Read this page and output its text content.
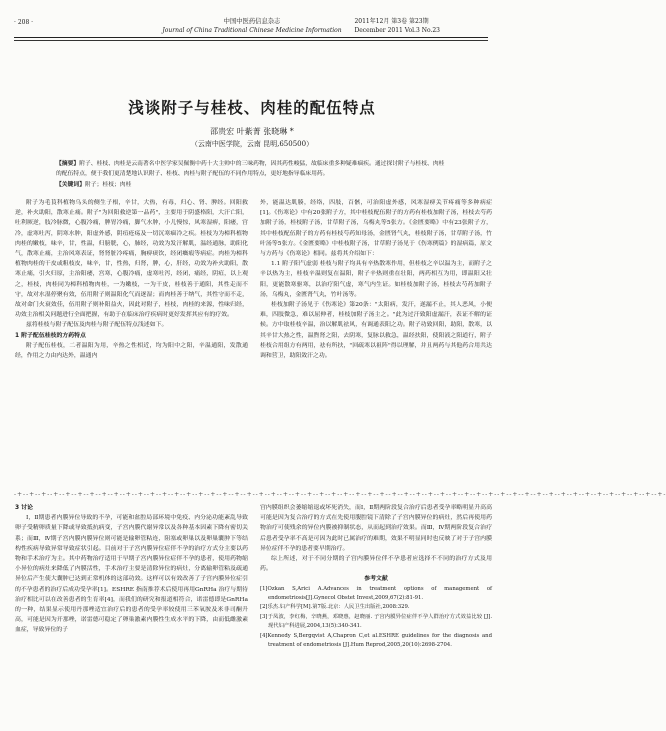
· 208 ·	中国中医药信息杂志
Journal of China Traditional Chinese Medicine Information
2011年12月 第3卷 第23期
December 2011 Vol.3 No.23
浅谈附子与桂枝、肉桂的配伍特点
邵贵宏 叶紫菁 张晓琳 *
（云南中医学院，云南 昆明,650500）
【摘要】附子、桂枝、肉桂是云南著名中医学家吴佩衡中药十大主帅中的三味药物，因其药性峻猛，故临床重多种疑难痼疾。通过探讨附子与桂枝、肉桂的配伍特点，便于我们更清楚地认识附子、桂枝、肉桂与附子配伍的不同作用特点，更好地指导临床用药。
【关键词】附子；桂枝；肉桂

附子为毛茛科植物乌头的侧生子根，辛甘，大热，有毒，归心、肾、脾经。回阳救逆，补火助阳，散寒止痛。附子"为回阳救逆第一品药"，主要用于阴盛格阳，大汗亡阳，吐利厥逆，肢冷脉微，心腹冷痛，脾胃冷痛，脚气水肿，小儿慢惊，风寒湿痹，阳痿，宫冷，虚寒吐泻，阴寒水肿，阳虚外感，阴疽疮疡及一切沉寒痼冷之疾。桂枝为为樟科植物肉桂的嫩枝，味辛，甘，性温，归膀胱，心，肺经，功效为发汗解肌，温经通脉，助阳化气，散寒止痛，主治风寒表证，肾肾脏冷疼痛，胸痹痰饮，经闭癥瘕等病症。肉桂为樟科植物肉桂的干皮或粗枝皮，味辛，甘，性热，归肾，脾，心，肝经，功效为补火助阳，散寒止痛，引火归原，主治阳痿，宫寒，心腹冷痛，虚寒吐泻，经闭，痛经，阴疽，以上观之，桂枝，肉桂同为樟科植物肉桂，一为嫩枝，一为干皮，桂枝善于通阳，其性走而不守，故对水湿停聚有效，伍用附子则温阳化气而逐湿；而肉桂善于纳气，其性守而不走，故对命门火衰效佳，伍用附子则补阳益火，因此对附子，桂枝，肉桂的来源，性味归经，功效主治相关问题进行全面把握，有助于在临床治疗疾病时更好发挥其应有的疗效。

兹将桂枝与附子配伍及肉桂与附子配伍特点浅述如下。

1 附子配伍桂枝的方药特点

附子配伍桂枝，二者温阳为用，辛热之性相近，均为阳中之阳，辛温通阳，发散通经，作用之力由内达外，温通内

外，能温达肌腠，经络，四肢，百骸，可治阳虚外感，风寒湿痹关节疼痛等多种病症[1]。《伤寒论》中有20张附子方，其中桂枝配伍附子的方药有桂枝加附子汤，桂枝去芍药加附子汤，桂枝附子汤，甘草附子汤，乌梅丸等5张方。《金匮要略》中有23张附子方，其中桂枝配伍附子的方药有桂枝芍药知母汤，金匮肾气丸，桂枝附子汤，甘草附子汤，竹叶汤等5张方。《金匮要略》中桂枝附子汤，甘草附子汤见于《伤寒例篇》的湿病篇，原文与方药与《伤寒论》相同。兹将其介绍如下：

1.1 附子阳气虚弱 桂枝与附子均具有辛热散寒作用，但桂枝之辛以温为主，而附子之辛以热为主，桂枝辛温则复在温阳，附子辛热则重在壮阳，两药相互为用，即温阳又壮阳，更能散寒驱寒，以治疗阳气虚，寒气内生证。如桂枝加附子汤，桂枝去芍药加附子汤，乌梅丸，金匮肾气丸，竹叶汤等。

桂枝加附子汤见于《伤寒论》第20条："太阳病，发汗，遂漏不止，其人恶风，小便难，四肢微急，难以屈伸者，桂枝加附子汤主之。"此为过汗致阳虚漏汗，表证不解的证候。方中取桂枝辛温，治以解肌祛风，有调通表阳之功。附子功致回阳，助阳，散寒，以其辛甘大热之性，温煦肾之阳，去阴寒，复脉以救急，温经扶阳，使阳液之阳道行，附子桂枝合用组方有两用，祛有所扶，"回疏寒以祖阵"得以理解，并且两药与其他药合用共达调和营卫，助阳敛汗之功。

-+--+--+--+--+--+--+--+--+--+--+--+--+--+--+--+--+--+--+--+--+--+--+--+--+--+--+--+--+--+--+--+--+--+--+--+--+--+--+--+--+--+--+--+--+--+--+--+--+--+--+--+--+--+-

3 讨论

Ⅰ，Ⅱ期患者内膜异位导致的不孕，可能和盆腔局部环境中免疫、内分泌功能紊乱导致卵子受精卵质量下降或导致抵抗病变，子宫内膜代谢异常以及各种基本因素下降有密切关系；而Ⅲ，Ⅳ期子宫内膜内膜异位则可能是输卵管粘连，阻塞或卵巢以及卵巢囊肿下等结构性疾病导致异常导致症状引起。目前对于子宫内膜异位症伴不孕的治疗方式分主要以药物和手术治疗为主。其中药物治疗适用于早期子宫内膜异位症伴不孕的患者，使用药物缩小异位的病灶来降低了内膜活性，手术治疗主要是清除异位的病灶，分离输卵管粘及疏通异位后产生使大囊肿已达到正常机体的这部功效。这样可以有效改善了子宫内膜异位症引的不孕患者的治疗后成功受孕率[1]。ESHRE 指南推荐术后使用再用GnRHa 治疗与期待治疗相比可以在改善患者的生育率[4]，而我们的研究和报道相符合，诺雷德即是GnRHa 的一种，结果显示使用丹那唑适宜治疗后的患者的受孕率较使用三苯氧胺及米非司酮升高，可能是因为开那唑，诺雷德可稳定了卵巢激素内膜性生成水平的下降，由而低雌激素血症，导致异位的子

宫内膜组织会萎缩缩退或坏死消失，而Ⅰ，Ⅱ期两阶段复合治疗后患者受孕率略明显升高高可能是因为复合治疗的方式在先使用腹腔镜下清除了子宫内膜异位的病灶，然后再使用药物治疗可使残余的异位内膜被抑制状态，从而起到治疗效果。而Ⅲ，Ⅳ期两阶段复合治疗后患者受孕率不高是可因为此时已属治疗的难期，效果不明显同时也反映了对于子宫内膜异位症伴不孕的患者要早期治疗。

综上所述，对于不同分期的子宫内膜异位伴不孕患者应选择不不同的治疗方式及用药。

参考文献

[1]Ozkan S,Arici A.Advances in treatment options of management of endometriosis[J].Gynecol Obstet Invest,2009,67(2):81-91.

[2]乐杰.妇产科学[M].第7版.北京：人民卫生出版社,2008:329.

[3]于凤波，李红梅，辛晓燕，邓晓惠，赵晓丽. 子宫内膜异位症伴不孕人群治疗方式效益比较 [J]. 现代妇产科进展,2004,13(5):340-341.

[4]Kennedy S,Bergqvist A,Chapron C,et al.ESHRE guidelines for the diagnosis and treatment of endometriosis [J].Hum Reprod,2005,20(10):2698-2704.
